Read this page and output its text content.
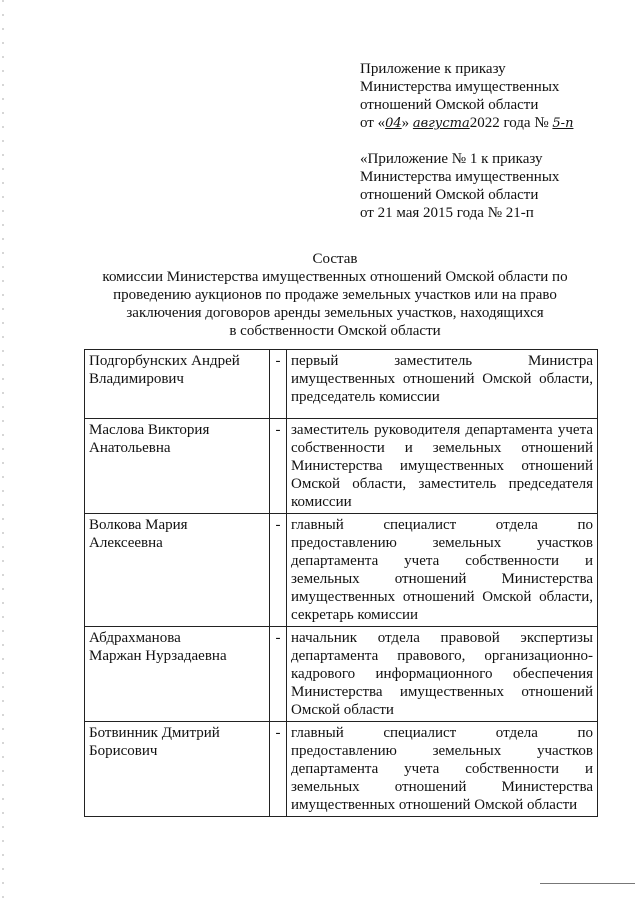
Приложение к приказу
Министерства имущественных
отношений Омской области
от «04» августа2022 года № 5-п
«Приложение № 1 к приказу
Министерства имущественных
отношений Омской области
от 21 мая 2015 года № 21-п
Состав
комиссии Министерства имущественных отношений Омской области по
проведению аукционов по продаже земельных участков или на право
заключения договоров аренды земельных участков, находящихся
в собственности Омской области
Подгорбунских Андрей
Владимирович	-	первый заместитель Министра имущественных отношений Омской области, председатель комиссии

Маслова Виктория
Анатольевна	-	заместитель руководителя департамента учета собственности и земельных отношений Министерства имущественных отношений Омской области, заместитель председателя комиссии

Волкова Мария
Алексеевна	-	главный специалист отдела по предоставлению земельных участков департамента учета собственности и земельных отношений Министерства имущественных отношений Омской области, секретарь комиссии

Абдрахманова
Маржан Нурзадаевна	-	начальник отдела правовой экспертизы департамента правового, организационно-кадрового информационного обеспечения Министерства имущественных отношений Омской области

Ботвинник Дмитрий
Борисович	-	главный специалист отдела по предоставлению земельных участков департамента учета собственности и земельных отношений Министерства имущественных отношений Омской области
